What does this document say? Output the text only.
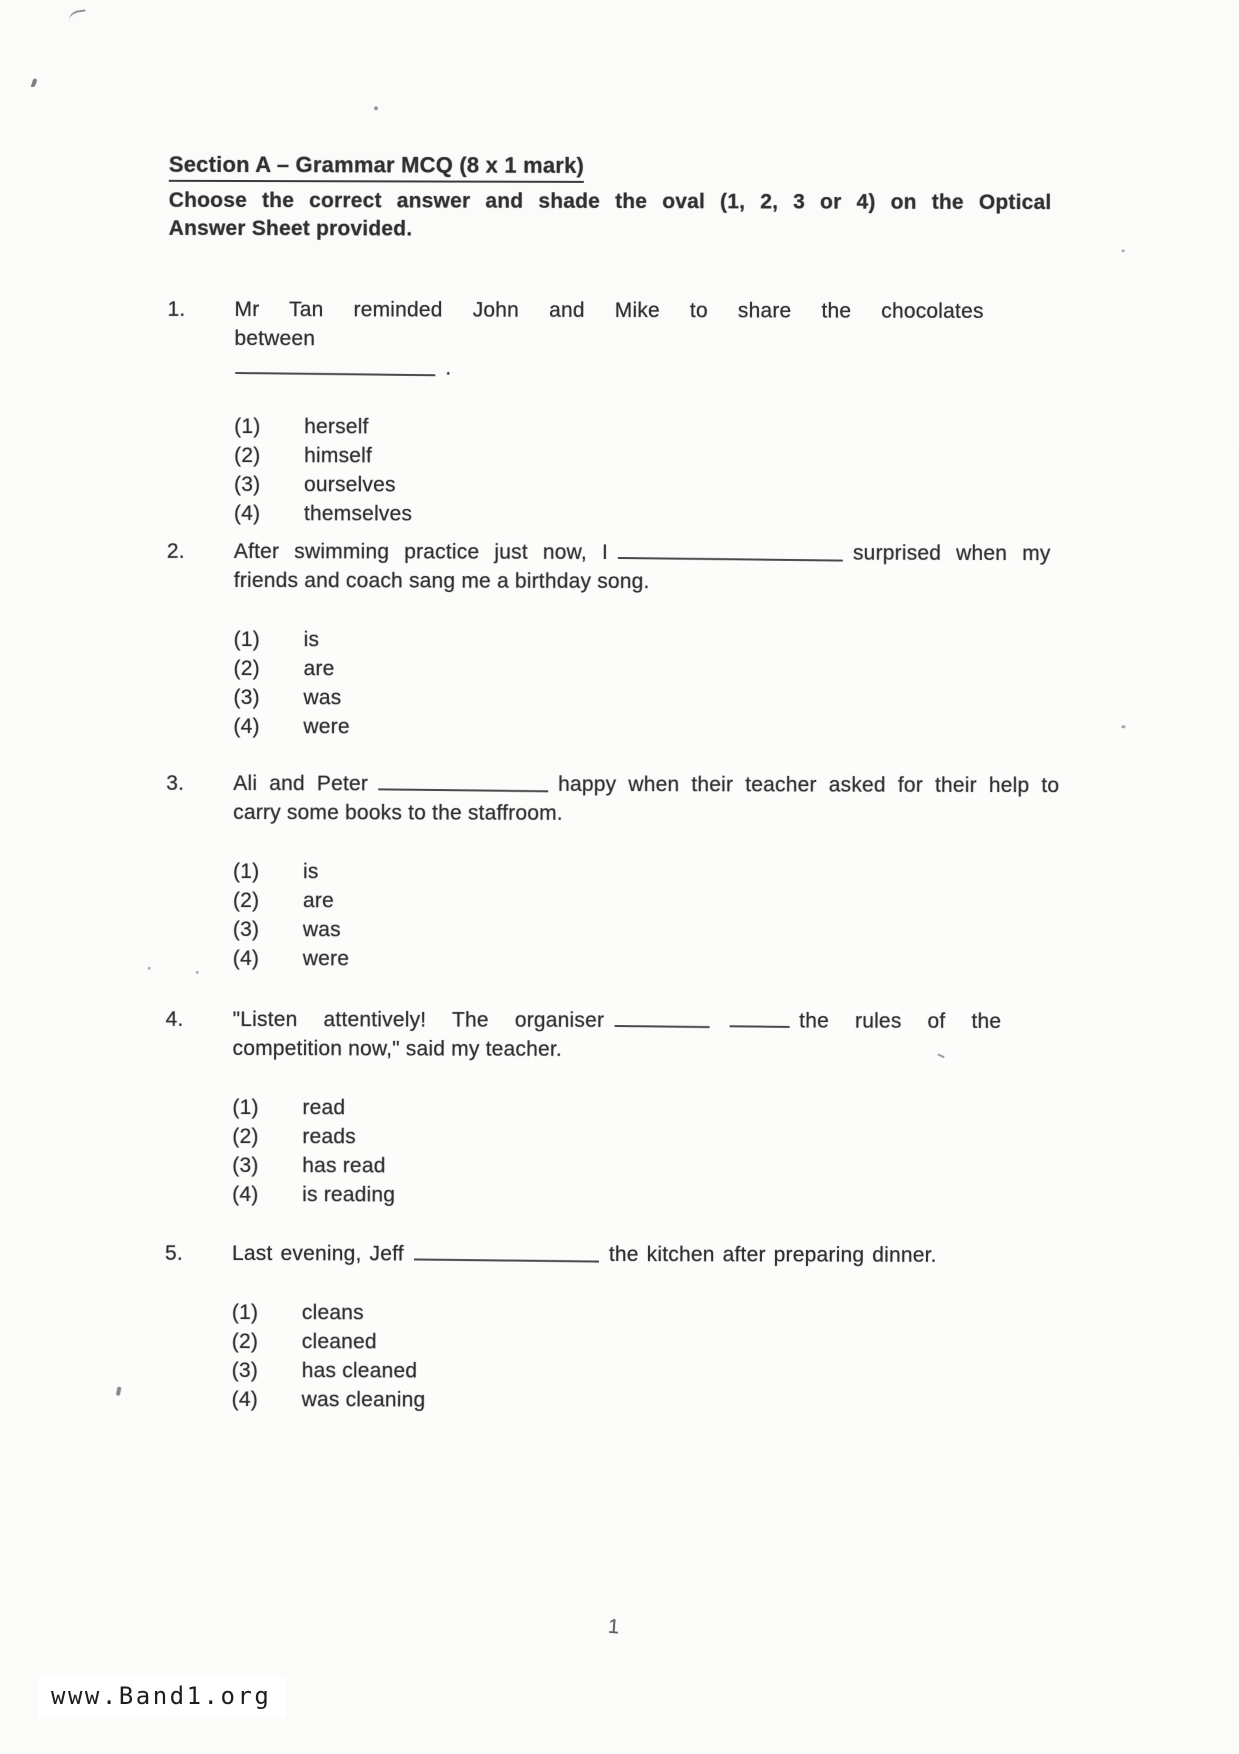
Section A – Grammar MCQ (8 x 1 mark)
Choose the correct answer and shade the oval (1, 2, 3 or 4) on the Optical
Answer Sheet provided.
1.	Mr Tan reminded John and Mike to share the chocolates between
.
(1)	herself
(2)	himself
(3)	ourselves
(4)	themselves
2.	After swimming practice just now, I	surprised when my
friends and coach sang me a birthday song.
(1)	is
(2)	are
(3)	was
(4)	were
3.	Ali and Peter	happy when their teacher asked for their help to
carry some books to the staffroom.
(1)	is
(2)	are
(3)	was
(4)	were
4.	"Listen attentively! The organiser	the rules of the
competition now," said my teacher.
(1)	read
(2)	reads
(3)	has read
(4)	is reading
5.	Last evening, Jeff	the kitchen after preparing dinner.
(1)	cleans
(2)	cleaned
(3)	has cleaned
(4)	was cleaning
1
www.Band1.org
